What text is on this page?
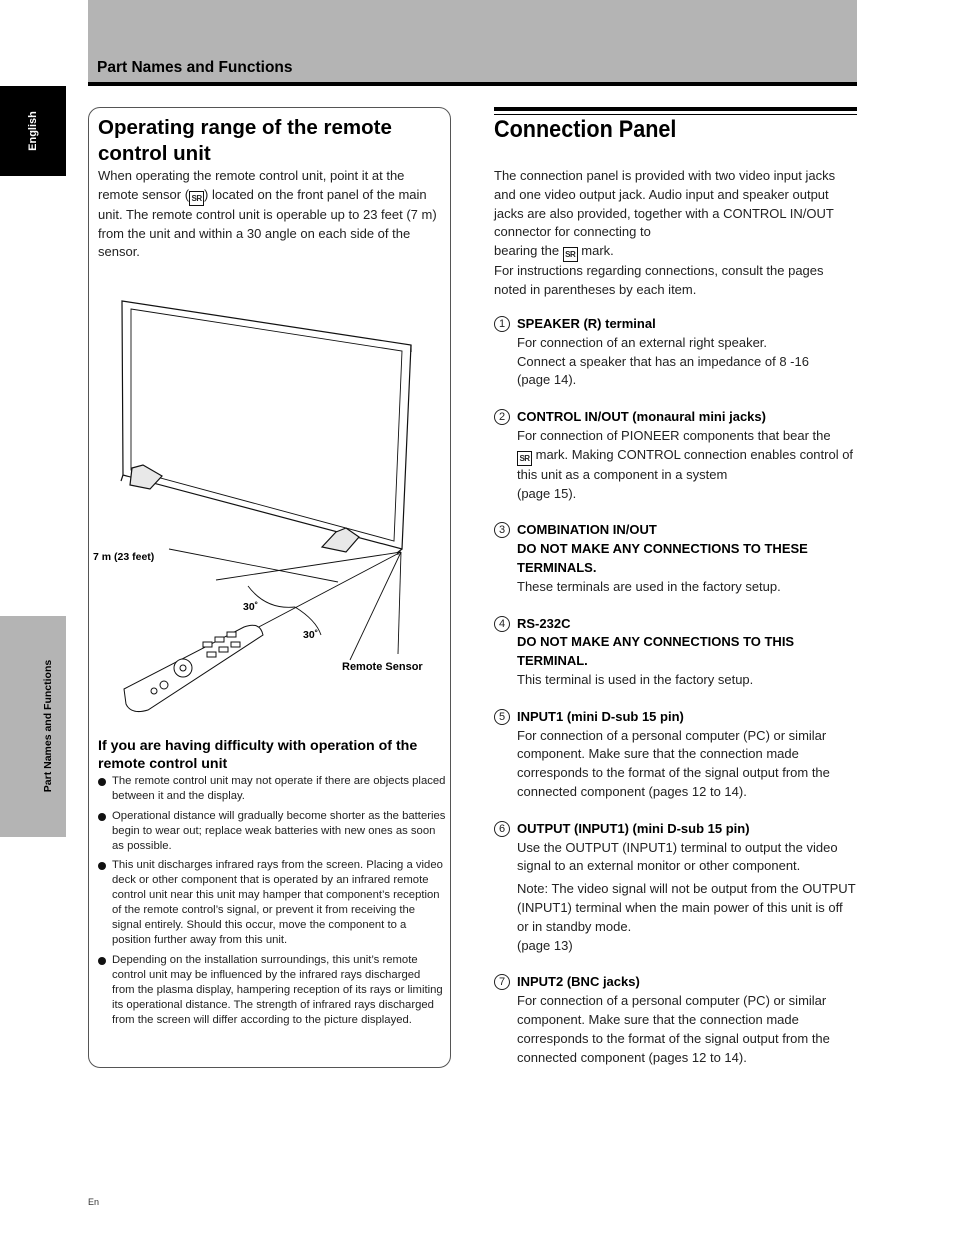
Part Names and Functions
English
Part Names and Functions
Operating range of the remote control unit

When operating the remote control unit, point it at the remote sensor ( SR ) located on the front panel of the main unit. The remote control unit is operable up to 23 feet (7 m) from the unit and within a 30 angle on each side of the sensor.

7 m (23 feet)
30˚
30˚
Remote Sensor
If you are having difficulty with operation of the remote control unit
The remote control unit may not operate if there are objects placed between it and the display.
Operational distance will gradually become shorter as the batteries begin to wear out; replace weak batteries with new ones as soon as possible.
This unit discharges infrared rays from the screen. Placing a video deck or other component that is operated by an infrared remote control unit near this unit may hamper that component’s reception of the remote control’s signal, or prevent it from receiving the signal entirely. Should this occur, move the component to a position further away from this unit.
Depending on the installation surroundings, this unit’s remote control unit may be influenced by the infrared rays discharged from the plasma display, hampering reception of its rays or limiting its operational distance. The strength of infrared rays discharged from the screen will differ according to the picture displayed.
Connection Panel
The connection panel is provided with two video input jacks and one video output jack. Audio input and speaker output jacks are also provided, together with a CONTROL IN/OUT connector for connecting to
bearing the SR mark.
For instructions regarding connections, consult the pages noted in parentheses by each item.
1 SPEAKER (R) terminal
For connection of an external right speaker.
Connect a speaker that has an impedance of 8 -16
(page 14).
2 CONTROL IN/OUT (monaural mini jacks)
For connection of PIONEER components that bear the
SR mark. Making CONTROL connection enables control of this unit as a component in a system
(page 15).
3 COMBINATION IN/OUT
DO NOT MAKE ANY CONNECTIONS TO THESE TERMINALS.
These terminals are used in the factory setup.
4 RS-232C
DO NOT MAKE ANY CONNECTIONS TO THIS TERMINAL.
This terminal is used in the factory setup.
5 INPUT1 (mini D-sub 15 pin)
For connection of a personal computer (PC) or similar component. Make sure that the connection made corresponds to the format of the signal output from the connected component (pages 12 to 14).
6 OUTPUT (INPUT1) (mini D-sub 15 pin)
Use the OUTPUT (INPUT1) terminal to output the video signal to an external monitor or other component.
Note: The video signal will not be output from the OUTPUT (INPUT1) terminal when the main power of this unit is off or in standby mode.
(page 13)
7 INPUT2 (BNC jacks)
For connection of a personal computer (PC) or similar component. Make sure that the connection made corresponds to the format of the signal output from the connected component (pages 12 to 14).
En
